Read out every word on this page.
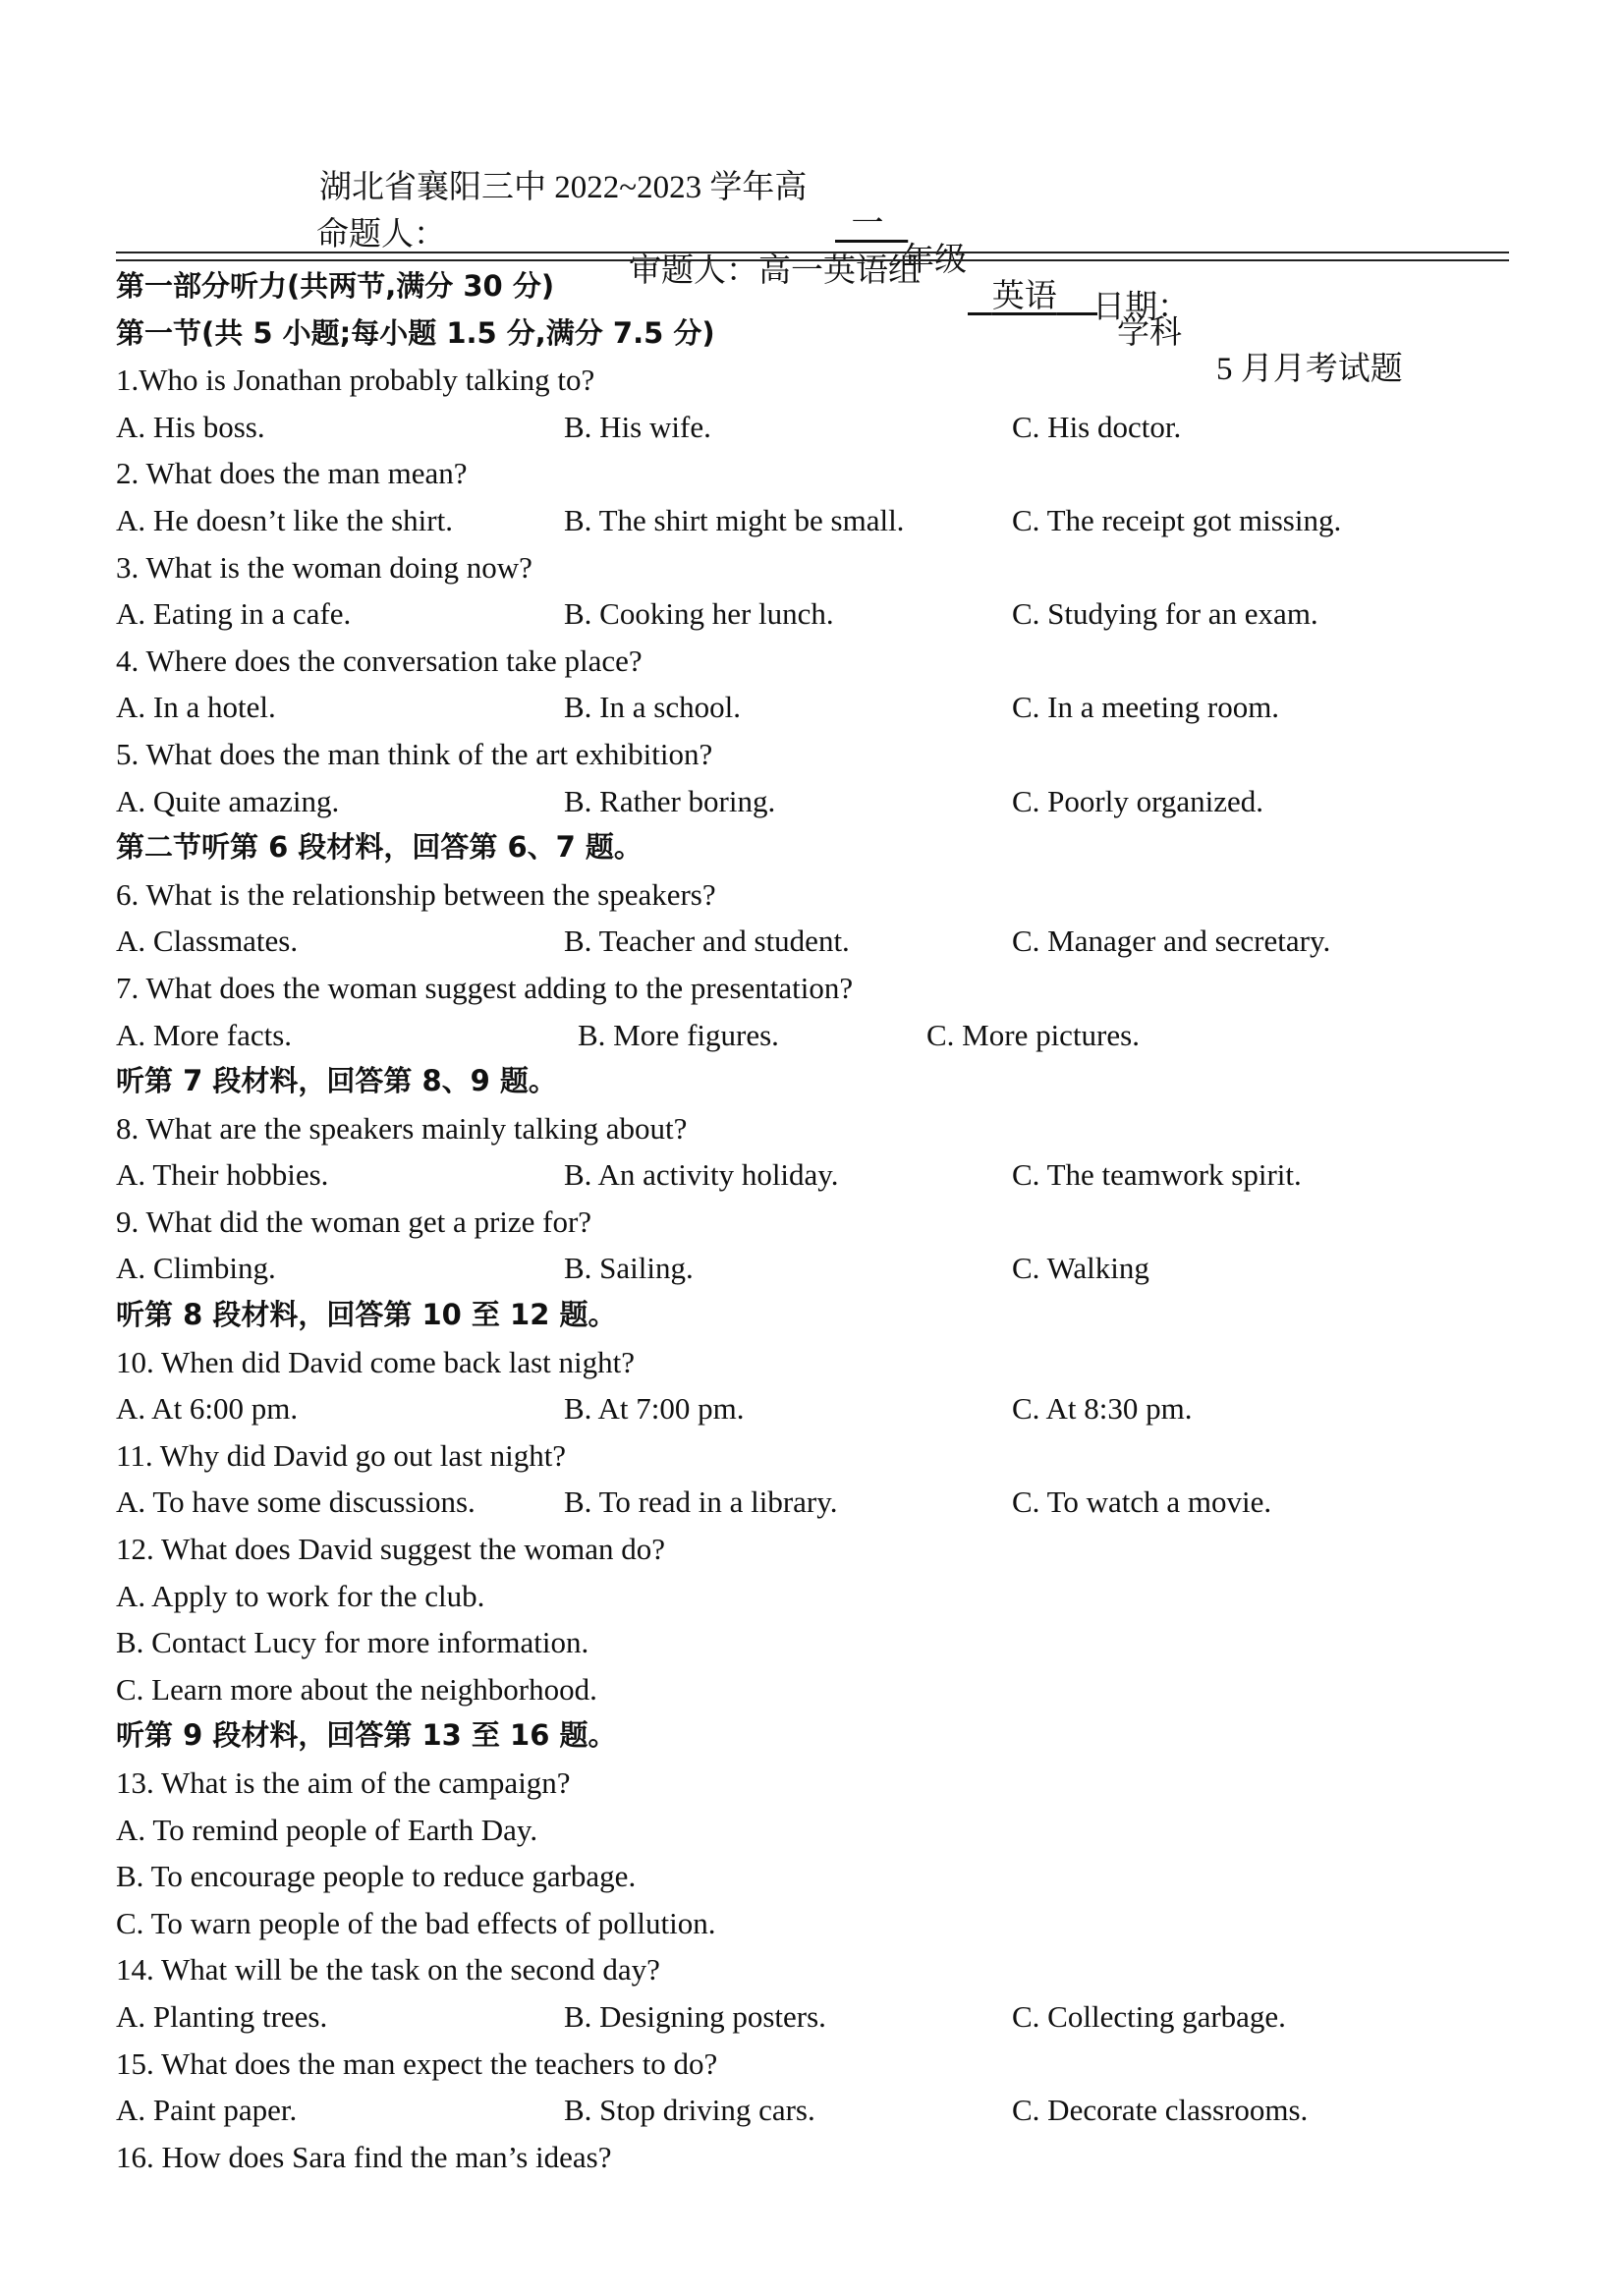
湖北省襄阳三中 2022~2023 学年高

一

年级

英语

学科

5 月月考试题

命题人：

审题人：高一英语组

日期：

第一部分听力(共两节,满分 30 分)
第一节(共 5 小题;每小题 1.5 分,满分 7.5 分)
1.Who is Jonathan probably talking to?
A. His boss.	B. His wife.	C. His doctor.
2. What does the man mean?
A. He doesn’t like the shirt.	B. The shirt might be small.	C. The receipt got missing.
3. What is the woman doing now?
A. Eating in a cafe.	B. Cooking her lunch.	C. Studying for an exam.
4. Where does the conversation take place?
A. In a hotel.	B. In a school.	C. In a meeting room.
5. What does the man think of the art exhibition?
A. Quite amazing.	B. Rather boring.	C. Poorly organized.
第二节听第 6 段材料，回答第 6、7 题。
6. What is the relationship between the speakers?
A. Classmates.	B. Teacher and student.	C. Manager and secretary.
7. What does the woman suggest adding to the presentation?
A. More facts.	B. More figures.	C. More pictures.
听第 7 段材料，回答第 8、9 题。
8. What are the speakers mainly talking about?
A. Their hobbies.	B. An activity holiday.	C. The teamwork spirit.
9. What did the woman get a prize for?
A. Climbing.	B. Sailing.	C. Walking
听第 8 段材料，回答第 10 至 12 题。
10. When did David come back last night?
A. At 6:00 pm.	B. At 7:00 pm.	C. At 8:30 pm.
11. Why did David go out last night?
A. To have some discussions.	B. To read in a library.	C. To watch a movie.
12. What does David suggest the woman do?
A. Apply to work for the club.
B. Contact Lucy for more information.
C. Learn more about the neighborhood.
听第 9 段材料，回答第 13 至 16 题。
13. What is the aim of the campaign?
A. To remind people of Earth Day.
B. To encourage people to reduce garbage.
C. To warn people of the bad effects of pollution.
14. What will be the task on the second day?
A. Planting trees.	B. Designing posters.	C. Collecting garbage.
15. What does the man expect the teachers to do?
A. Paint paper.	B. Stop driving cars.	C. Decorate classrooms.
16. How does Sara find the man’s ideas?
